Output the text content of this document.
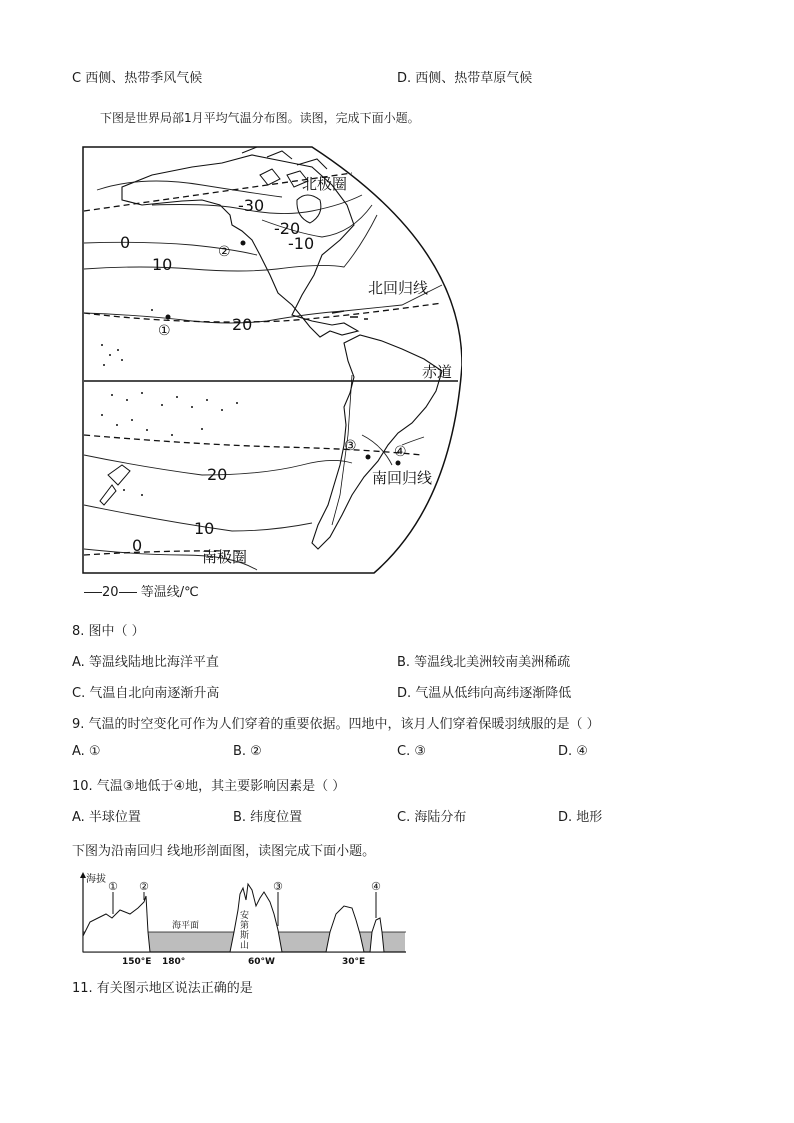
C 西侧、热带季风气候	D. 西侧、热带草原气候
下图是世界局部1月平均气温分布图。读图，完成下面小题。
-30
-20
-10
0
10
20
20
10
0
北极圈
北回归线
赤道
南回归线
南极圈
①
②
③	④
20 等温线/℃
8. 图中（ ）
A. 等温线陆地比海洋平直	B. 等温线北美洲较南美洲稀疏
C. 气温自北向南逐渐升高	D. 气温从低纬向高纬逐渐降低
9. 气温的时空变化可作为人们穿着的重要依据。四地中，该月人们穿着保暖羽绒服的是（ ）
A. ①	B. ②	C. ③	D. ④
10. 气温③地低于④地，其主要影响因素是（ ）
A. 半球位置	B. 纬度位置	C. 海陆分布	D. 地形
下图为沿南回归 线地形剖面图，读图完成下面小题。
海拔
海平面
安
第
斯
山
① ②	③	④
150°E 180°	60°W	30°E
11. 有关图示地区说法正确的是
